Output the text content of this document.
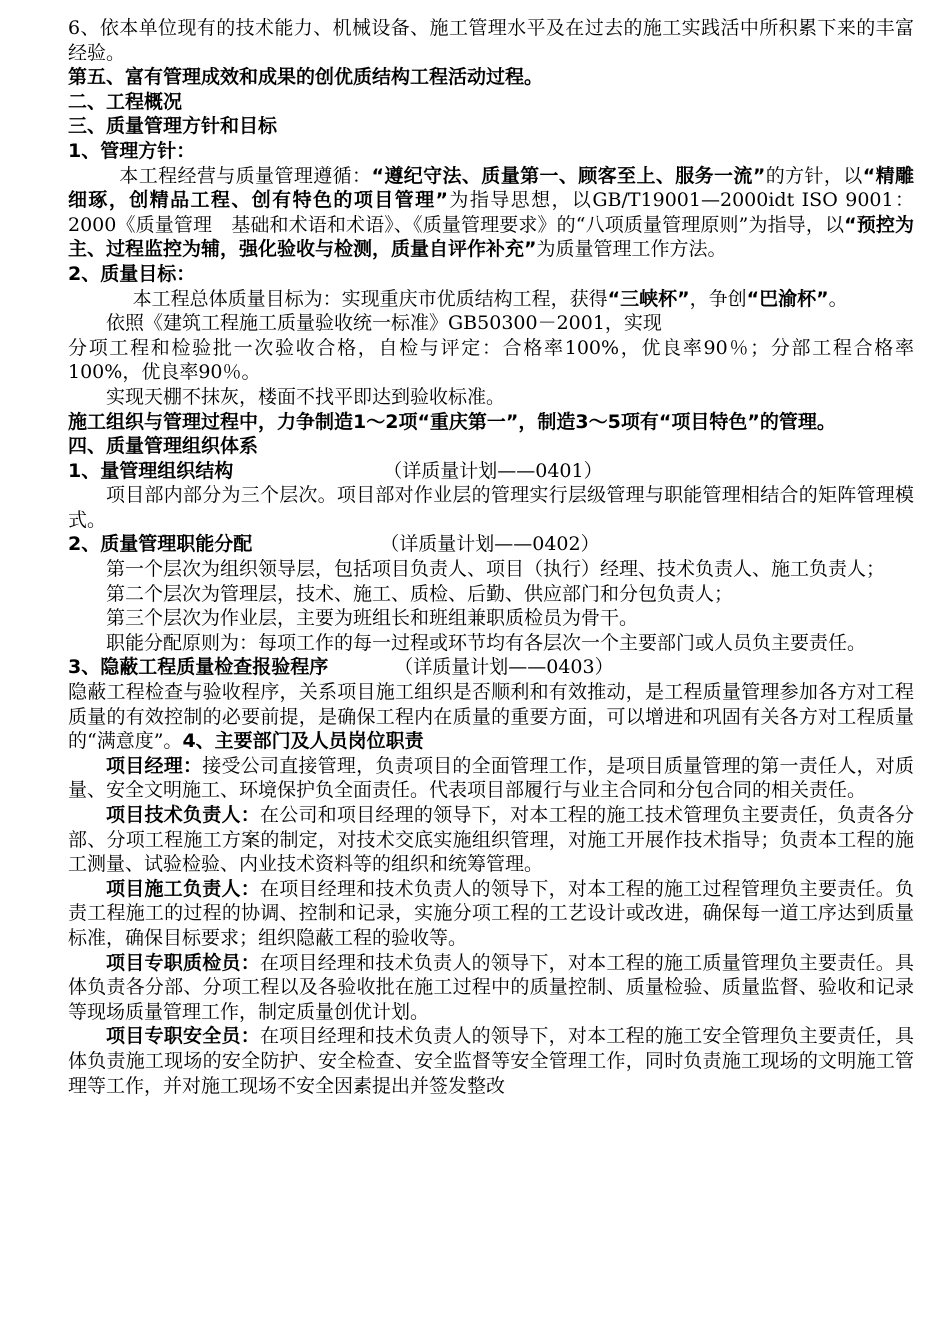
6、依本单位现有的技术能力、机械设备、施工管理水平及在过去的施工实践活中所积累下来的丰富经验。

第五、富有管理成效和成果的创优质结构工程活动过程。

二、工程概况

三、质量管理方针和目标

1、管理方针：

本工程经营与质量管理遵循：“遵纪守法、质量第一、顾客至上、服务一流”的方针，以“精雕细琢，创精品工程、创有特色的项目管理”为指导思想，以GB/T19001—2000idt ISO 9001：2000《质量管理　基础和术语和术语》、《质量管理要求》的“八项质量管理原则”为指导，以“预控为主、过程监控为辅，强化验收与检测，质量自评作补充”为质量管理工作方法。

2、质量目标：

本工程总体质量目标为：实现重庆市优质结构工程，获得“三峡杯”，争创“巴渝杯”。

依照《建筑工程施工质量验收统一标准》GB50300－2001，实现

分项工程和检验批一次验收合格，自检与评定：合格率100%，优良率90％；分部工程合格率100%，优良率90％。

实现天棚不抹灰，楼面不找平即达到验收标准。

施工组织与管理过程中，力争制造1～2项“重庆第一”，制造3～5项有“项目特色”的管理。

四、质量管理组织体系

1、量管理组织结构	（详质量计划——0401）

项目部内部分为三个层次。项目部对作业层的管理实行层级管理与职能管理相结合的矩阵管理模式。

2、质量管理职能分配	（详质量计划——0402）

第一个层次为组织领导层，包括项目负责人、项目（执行）经理、技术负责人、施工负责人；

第二个层次为管理层，技术、施工、质检、后勤、供应部门和分包负责人；

第三个层次为作业层，主要为班组长和班组兼职质检员为骨干。

职能分配原则为：每项工作的每一过程或环节均有各层次一个主要部门或人员负主要责任。

3、隐蔽工程质量检查报验程序	（详质量计划——0403）

隐蔽工程检查与验收程序，关系项目施工组织是否顺利和有效推动，是工程质量管理参加各方对工程质量的有效控制的必要前提，是确保工程内在质量的重要方面，可以增进和巩固有关各方对工程质量的“满意度”。4、主要部门及人员岗位职责

项目经理：接受公司直接管理，负责项目的全面管理工作，是项目质量管理的第一责任人，对质量、安全文明施工、环境保护负全面责任。代表项目部履行与业主合同和分包合同的相关责任。

项目技术负责人：在公司和项目经理的领导下，对本工程的施工技术管理负主要责任，负责各分部、分项工程施工方案的制定，对技术交底实施组织管理，对施工开展作技术指导；负责本工程的施工测量、试验检验、内业技术资料等的组织和统筹管理。

项目施工负责人：在项目经理和技术负责人的领导下，对本工程的施工过程管理负主要责任。负责工程施工的过程的协调、控制和记录，实施分项工程的工艺设计或改进，确保每一道工序达到质量标准，确保目标要求；组织隐蔽工程的验收等。

项目专职质检员：在项目经理和技术负责人的领导下，对本工程的施工质量管理负主要责任。具体负责各分部、分项工程以及各验收批在施工过程中的质量控制、质量检验、质量监督、验收和记录等现场质量管理工作，制定质量创优计划。

项目专职安全员：在项目经理和技术负责人的领导下，对本工程的施工安全管理负主要责任，具体负责施工现场的安全防护、安全检查、安全监督等安全管理工作，同时负责施工现场的文明施工管理等工作，并对施工现场不安全因素提出并签发整改
